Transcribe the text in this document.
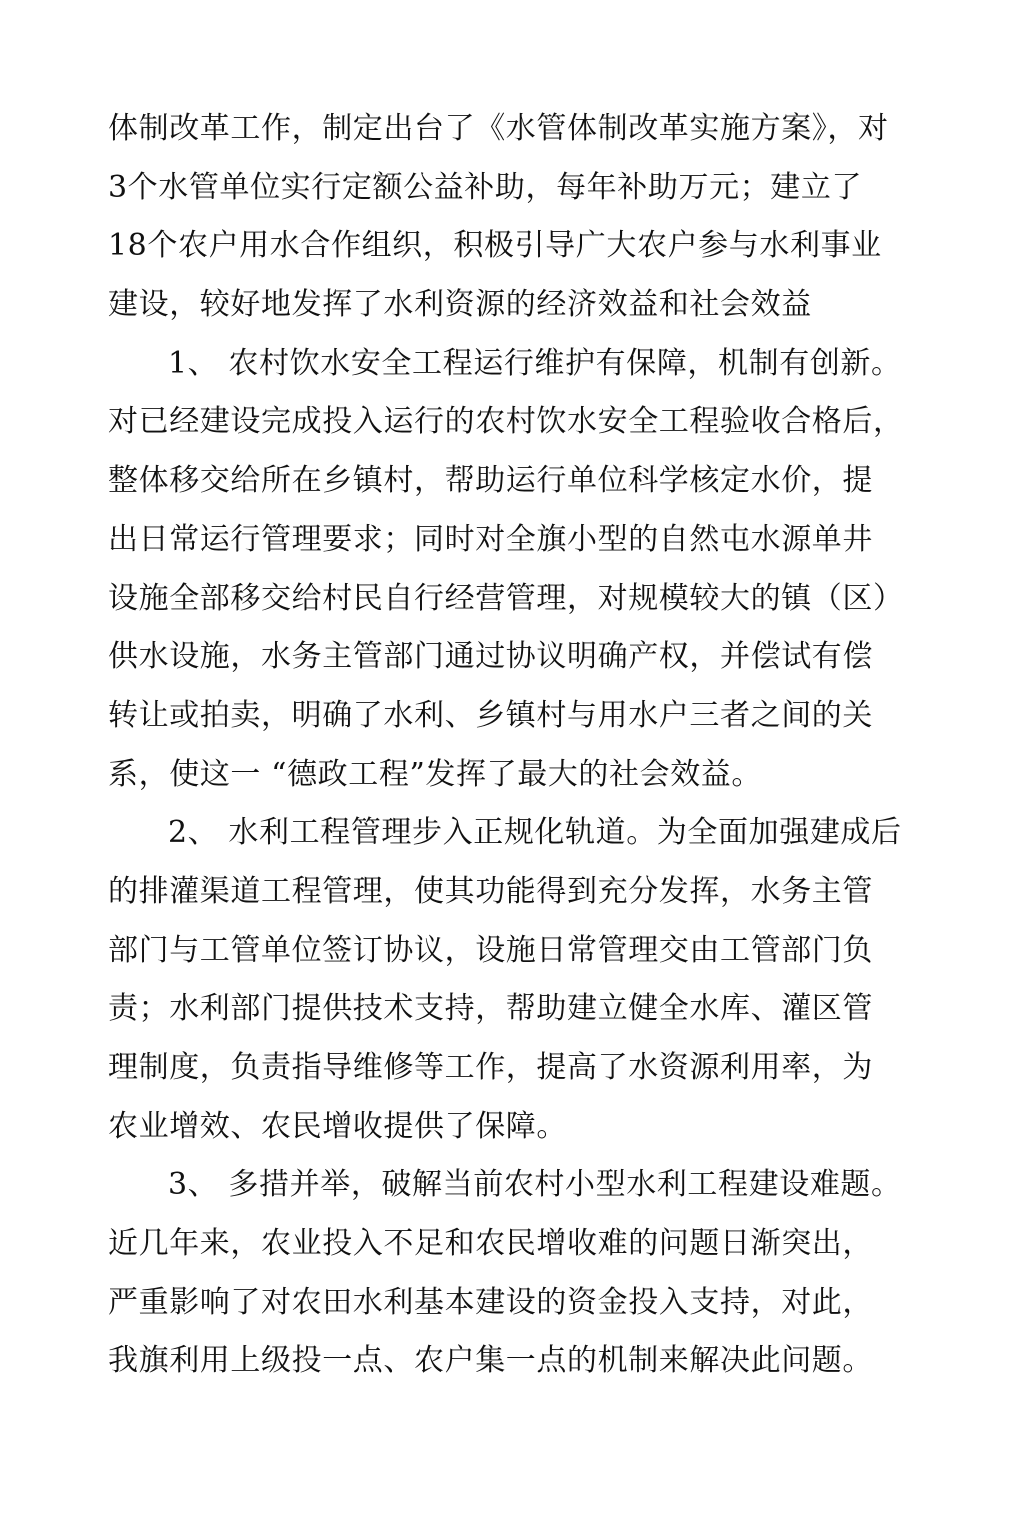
体制改革工作，制定出台了《水管体制改革实施方案》，对
3个水管单位实行定额公益补助，每年补助万元；建立了
18个农户用水合作组织，积极引导广大农户参与水利事业
建设，较好地发挥了水利资源的经济效益和社会效益
1、 农村饮水安全工程运行维护有保障，机制有创新。
对已经建设完成投入运行的农村饮水安全工程验收合格后，
整体移交给所在乡镇村，帮助运行单位科学核定水价，提
出日常运行管理要求；同时对全旗小型的自然屯水源单井
设施全部移交给村民自行经营管理，对规模较大的镇（区）
供水设施，水务主管部门通过协议明确产权，并偿试有偿
转让或拍卖，明确了水利、乡镇村与用水户三者之间的关
系，使这一 “德政工程”发挥了最大的社会效益。
2、 水利工程管理步入正规化轨道。为全面加强建成后
的排灌渠道工程管理，使其功能得到充分发挥，水务主管
部门与工管单位签订协议，设施日常管理交由工管部门负
责；水利部门提供技术支持，帮助建立健全水库、灌区管
理制度，负责指导维修等工作，提高了水资源利用率，为
农业增效、农民增收提供了保障。
3、 多措并举，破解当前农村小型水利工程建设难题。
近几年来，农业投入不足和农民增收难的问题日渐突出，
严重影响了对农田水利基本建设的资金投入支持，对此，
我旗利用上级投一点、农户集一点的机制来解决此问题。
